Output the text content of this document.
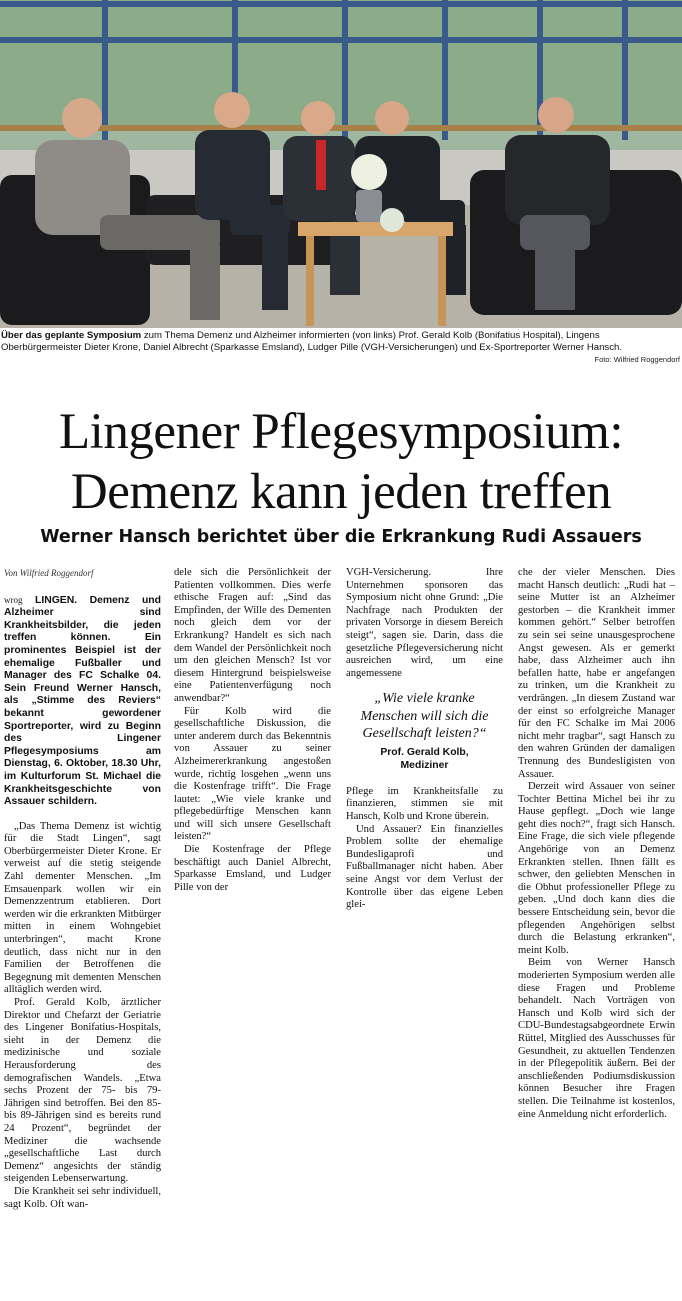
Über das geplante Symposium zum Thema Demenz und Alzheimer informierten (von links) Prof. Gerald Kolb (Bonifatius Hospital), Lingens Oberbürgermeister Dieter Krone, Daniel Albrecht (Sparkasse Emsland), Ludger Pille (VGH-Versicherungen) und Ex-Sportreporter Werner Hansch.
Foto: Wilfried Roggendorf
Lingener Pflegesymposium:
Demenz kann jeden treffen
Werner Hansch berichtet über die Erkrankung Rudi Assauers
Von Wilfried Roggendorf

wrog LINGEN. Demenz und Alzheimer sind Krankheitsbilder, die jeden treffen können. Ein prominentes Beispiel ist der ehemalige Fußballer und Manager des FC Schalke 04. Sein Freund Werner Hansch, als „Stimme des Reviers“ bekannt gewordener Sportreporter, wird zu Beginn des Lingener Pflegesymposiums am Dienstag, 6. Oktober, 18.30 Uhr, im Kulturforum St. Michael die Krankheitsgeschichte von Assauer schildern.

„Das Thema Demenz ist wichtig für die Stadt Lingen“, sagt Oberbürgermeister Dieter Krone. Er verweist auf die stetig steigende Zahl dementer Menschen. „Im Emsauenpark wollen wir ein Demenzzentrum etablieren. Dort werden wir die erkrankten Mitbürger mitten in einem Wohngebiet unterbringen“, macht Krone deutlich, dass nicht nur in den Familien der Betroffenen die Begegnung mit dementen Menschen alltäglich werden wird.

Prof. Gerald Kolb, ärztlicher Direktor und Chefarzt der Geriatrie des Lingener Bonifatius-Hospitals, sieht in der Demenz die medizinische und soziale Herausforderung des demografischen Wandels. „Etwa sechs Prozent der 75- bis 79-Jährigen sind betroffen. Bei den 85- bis 89-Jährigen sind es bereits rund 24 Prozent“, begründet der Mediziner die wachsende „gesellschaftliche Last durch Demenz“ angesichts der ständig steigenden Lebenserwartung.

Die Krankheit sei sehr individuell, sagt Kolb. Oft wan-

dele sich die Persönlichkeit der Patienten vollkommen. Dies werfe ethische Fragen auf: „Sind das Empfinden, der Wille des Dementen noch gleich dem vor der Erkrankung? Handelt es sich nach dem Wandel der Persönlichkeit noch um den gleichen Mensch? Ist vor diesem Hintergrund beispielsweise eine Patientenverfügung noch anwendbar?“

Für Kolb wird die gesellschaftliche Diskussion, die unter anderem durch das Bekenntnis von Assauer zu seiner Alzheimererkrankung angestoßen wurde, richtig losgehen „wenn uns die Kostenfrage trifft“. Die Frage lautet: „Wie viele kranke und pflegebedürftige Menschen kann und will sich unsere Gesellschaft leisten?“

Die Kostenfrage der Pflege beschäftigt auch Daniel Albrecht, Sparkasse Emsland, und Ludger Pille von der

VGH-Versicherung. Ihre Unternehmen sponsoren das Symposium nicht ohne Grund: „Die Nachfrage nach Produkten der privaten Vorsorge in diesem Bereich steigt“, sagen sie. Darin, dass die gesetzliche Pflegeversicherung nicht ausreichen wird, um eine angemessene

„Wie viele kranke Menschen will sich die Gesellschaft leisten?“
Prof. Gerald Kolb,
Mediziner

Pflege im Krankheitsfalle zu finanzieren, stimmen sie mit Hansch, Kolb und Krone überein.

Und Assauer? Ein finanzielles Problem sollte der ehemalige Bundesligaprofi und Fußballmanager nicht haben. Aber seine Angst vor dem Verlust der Kontrolle über das eigene Leben glei-

che der vieler Menschen. Dies macht Hansch deutlich: „Rudi hat – seine Mutter ist an Alzheimer gestorben – die Krankheit immer kommen gehört.“ Selber betroffen zu sein sei seine unausgesprochene Angst gewesen. Als er gemerkt habe, dass Alzheimer auch ihn befallen hatte, habe er angefangen zu trinken, um die Krankheit zu verdrängen. „In diesem Zustand war der einst so erfolgreiche Manager für den FC Schalke im Mai 2006 nicht mehr tragbar“, sagt Hansch zu den wahren Gründen der damaligen Trennung des Bundesligisten von Assauer.

Derzeit wird Assauer von seiner Tochter Bettina Michel bei ihr zu Hause gepflegt. „Doch wie lange geht dies noch?“, fragt sich Hansch. Eine Frage, die sich viele pflegende Angehörige von an Demenz Erkrankten stellen. Ihnen fällt es schwer, den geliebten Menschen in die Obhut professioneller Pflege zu geben. „Und doch kann dies die bessere Entscheidung sein, bevor die pflegenden Angehörigen selbst durch die Belastung erkranken“, meint Kolb.

Beim von Werner Hansch moderierten Symposium werden alle diese Fragen und Probleme behandelt. Nach Vorträgen von Hansch und Kolb wird sich der CDU-Bundestagsabgeordnete Erwin Rüttel, Mitglied des Ausschusses für Gesundheit, zu aktuellen Tendenzen in der Pflegepolitik äußern. Bei der anschließenden Podiumsdiskussion können Besucher ihre Fragen stellen. Die Teilnahme ist kostenlos, eine Anmeldung nicht erforderlich.
